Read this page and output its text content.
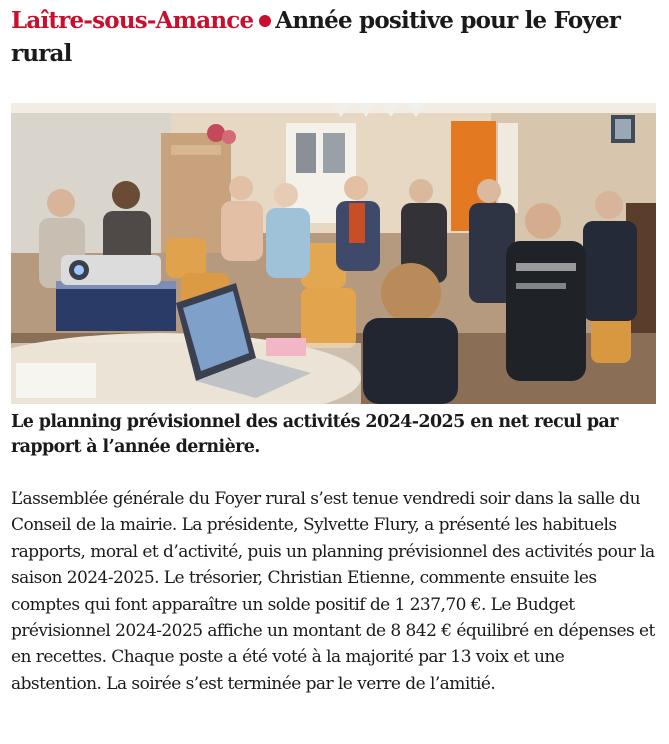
Laître-sous-Amance Année positive pour le Foyer rural

Le planning prévisionnel des activités 2024-2025 en net recul par rapport à l’année dernière.

L’assemblée générale du Foyer rural s’est tenue vendredi soir dans la salle du Conseil de la mairie. La présidente, Sylvette Flury, a présenté les habituels rapports, moral et d’activité, puis un planning prévisionnel des activités pour la saison 2024-2025. Le trésorier, Christian Etienne, commente ensuite les comptes qui font apparaître un solde positif de 1 237,70 €. Le Budget prévisionnel 2024-2025 affiche un montant de 8 842 € équilibré en dépenses et en recettes. Chaque poste a été voté à la majorité par 13 voix et une abstention. La soirée s’est terminée par le verre de l’amitié.
